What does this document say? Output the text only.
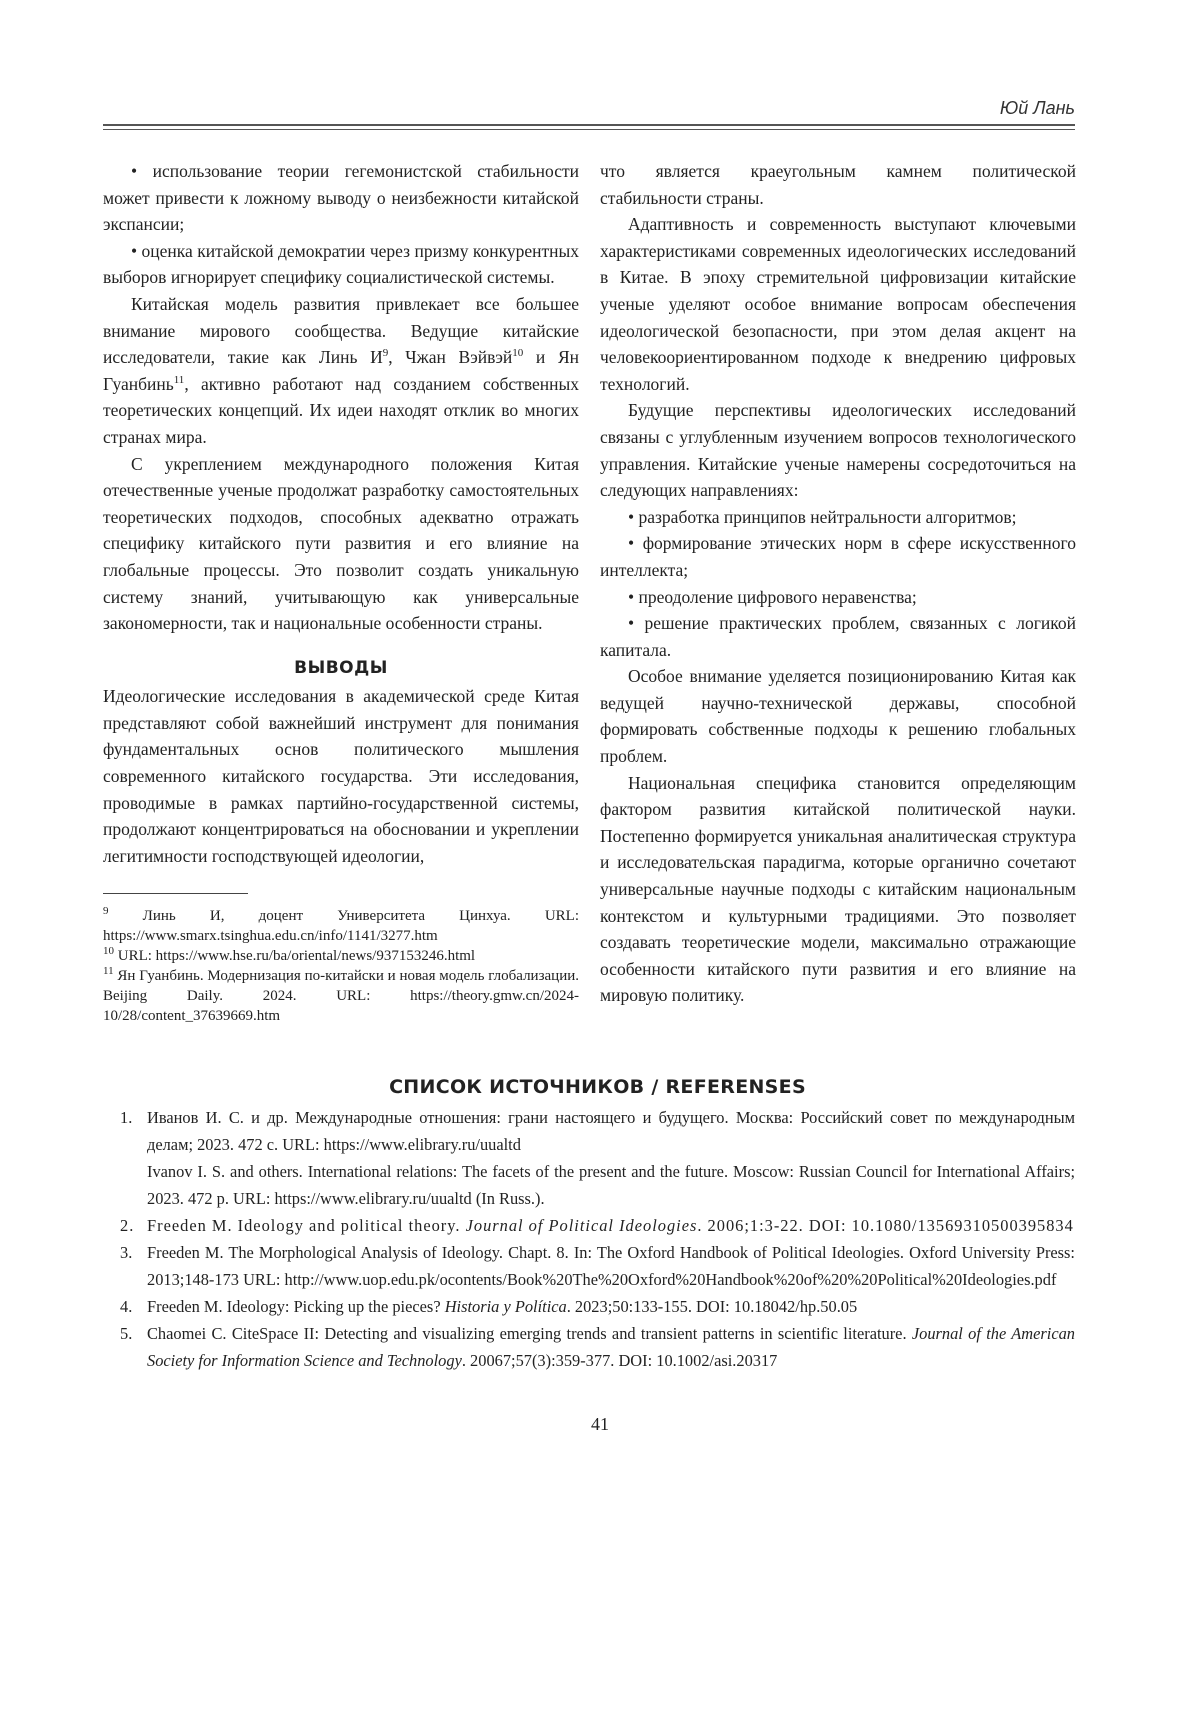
Юй Лань

• использование теории гегемонистской стабильности может привести к ложному выводу о неизбежности китайской экспансии;

• оценка китайской демократии через призму конкурентных выборов игнорирует специфику социалистической системы.

Китайская модель развития привлекает все большее внимание мирового сообщества. Ведущие китайские исследователи, такие как Линь И9, Чжан Вэйвэй10 и Ян Гуанбинь11, активно работают над созданием собственных теоретических концепций. Их идеи находят отклик во многих странах мира.

С укреплением международного положения Китая отечественные ученые продолжат разработку самостоятельных теоретических подходов, способных адекватно отражать специфику китайского пути развития и его влияние на глобальные процессы. Это позволит создать уникальную систему знаний, учитывающую как универсальные закономерности, так и национальные особенности страны.

ВЫВОДЫ

Идеологические исследования в академической среде Китая представляют собой важнейший инструмент для понимания фундаментальных основ политического мышления современного китайского государства. Эти исследования, проводимые в рамках партийно-государственной системы, продолжают концентрироваться на обосновании и укреплении легитимности господствующей идеологии,

9 Линь И, доцент Университета Цинхуа. URL: https://www.smarx.tsinghua.edu.cn/info/1141/3277.htm
10 URL: https://www.hse.ru/ba/oriental/news/937153246.html
11 Ян Гуанбинь. Модернизация по-китайски и новая модель глобализации. Beijing Daily. 2024. URL: https://theory.gmw.cn/2024-10/28/content_37639669.htm

что является краеугольным камнем политической стабильности страны.

Адаптивность и современность выступают ключевыми характеристиками современных идеологических исследований в Китае. В эпоху стремительной цифровизации китайские ученые уделяют особое внимание вопросам обеспечения идеологической безопасности, при этом делая акцент на человекоориентированном подходе к внедрению цифровых технологий.

Будущие перспективы идеологических исследований связаны с углубленным изучением вопросов технологического управления. Китайские ученые намерены сосредоточиться на следующих направлениях:

• разработка принципов нейтральности алгоритмов;

• формирование этических норм в сфере искусственного интеллекта;

• преодоление цифрового неравенства;

• решение практических проблем, связанных с логикой капитала.

Особое внимание уделяется позиционированию Китая как ведущей научно-технической державы, способной формировать собственные подходы к решению глобальных проблем.

Национальная специфика становится определяющим фактором развития китайской политической науки. Постепенно формируется уникальная аналитическая структура и исследовательская парадигма, которые органично сочетают универсальные научные подходы с китайским национальным контекстом и культурными традициями. Это позволяет создавать теоретические модели, максимально отражающие особенности китайского пути развития и его влияние на мировую политику.

СПИСОК ИСТОЧНИКОВ / REFERENSES
1. Иванов И. С. и др. Международные отношения: грани настоящего и будущего. Москва: Российский совет по международным делам; 2023. 472 с. URL: https://www.elibrary.ru/uualtd
Ivanov I. S. and others. International relations: The facets of the present and the future. Moscow: Russian Council for International Affairs; 2023. 472 p. URL: https://www.elibrary.ru/uualtd (In Russ.).
2. Freeden M. Ideology and political theory. Journal of Political Ideologies. 2006;1:3-22. DOI: 10.1080/13569310500395834
3. Freeden M. The Morphological Analysis of Ideology. Chapt. 8. In: The Oxford Handbook of Political Ideologies. Oxford University Press: 2013;148-173 URL: http://www.uop.edu.pk/ocontents/Book%20The%20Oxford%20Handbook%20of%20%20Political%20Ideologies.pdf
4. Freeden M. Ideology: Picking up the pieces? Historia y Política. 2023;50:133-155. DOI: 10.18042/hp.50.05
5. Chaomei C. CiteSpace II: Detecting and visualizing emerging trends and transient patterns in scientific literature. Journal of the American Society for Information Science and Technology. 20067;57(3):359-377. DOI: 10.1002/asi.20317
41
